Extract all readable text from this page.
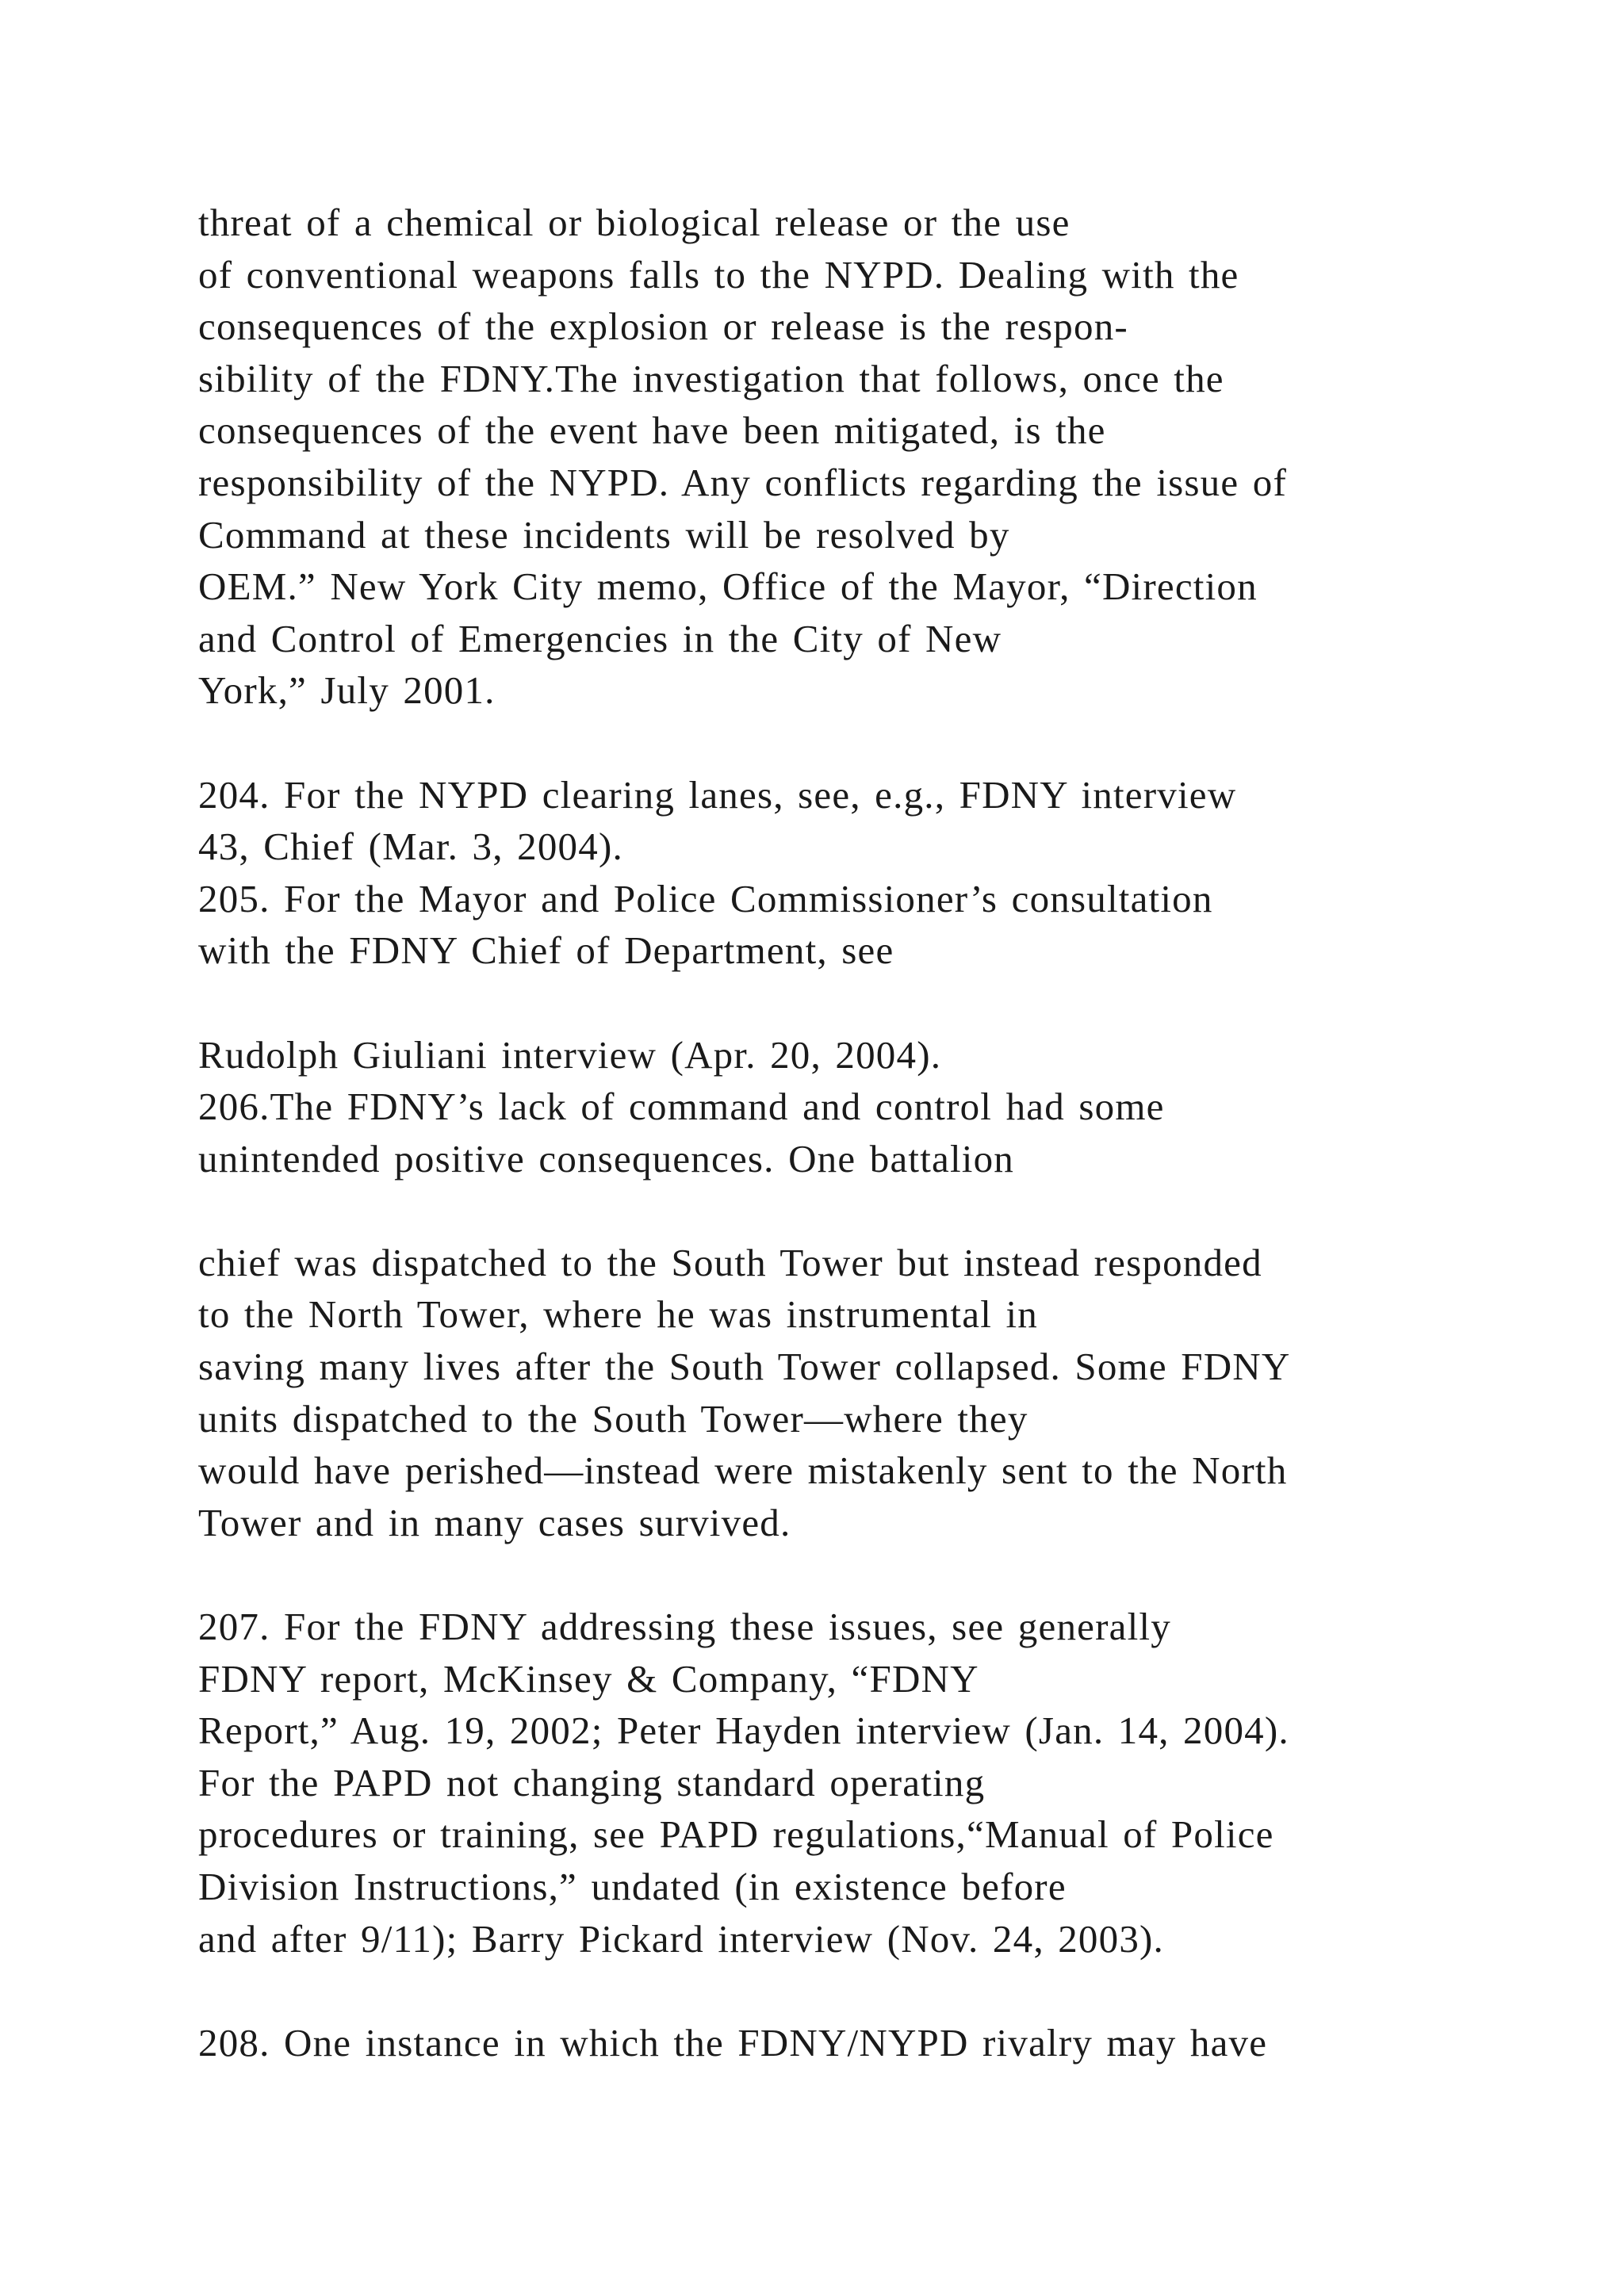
threat of a chemical or biological release or the use
of conventional weapons falls to the NYPD. Dealing with the
consequences of the explosion or release is the respon-
sibility of the FDNY.The investigation that follows, once the
consequences of the event have been mitigated, is the
responsibility of the NYPD. Any conflicts regarding the issue of
Command at these incidents will be resolved by
OEM.” New York City memo, Office of the Mayor, “Direction
and Control of Emergencies in the City of New
York,” July 2001.
204. For the NYPD clearing lanes, see, e.g., FDNY interview
43, Chief (Mar. 3, 2004).
205. For the Mayor and Police Commissioner’s consultation
with the FDNY Chief of Department, see
Rudolph Giuliani interview (Apr. 20, 2004).
206.The FDNY’s lack of command and control had some
unintended positive consequences. One battalion
chief was dispatched to the South Tower but instead responded
to the North Tower, where he was instrumental in
saving many lives after the South Tower collapsed. Some FDNY
units dispatched to the South Tower—where they
would have perished—instead were mistakenly sent to the North
Tower and in many cases survived.
207. For the FDNY addressing these issues, see generally
FDNY report, McKinsey & Company, “FDNY
Report,” Aug. 19, 2002; Peter Hayden interview (Jan. 14, 2004).
For the PAPD not changing standard operating
procedures or training, see PAPD regulations,“Manual of Police
Division Instructions,” undated (in existence before
and after 9/11); Barry Pickard interview (Nov. 24, 2003).
208. One instance in which the FDNY/NYPD rivalry may have
